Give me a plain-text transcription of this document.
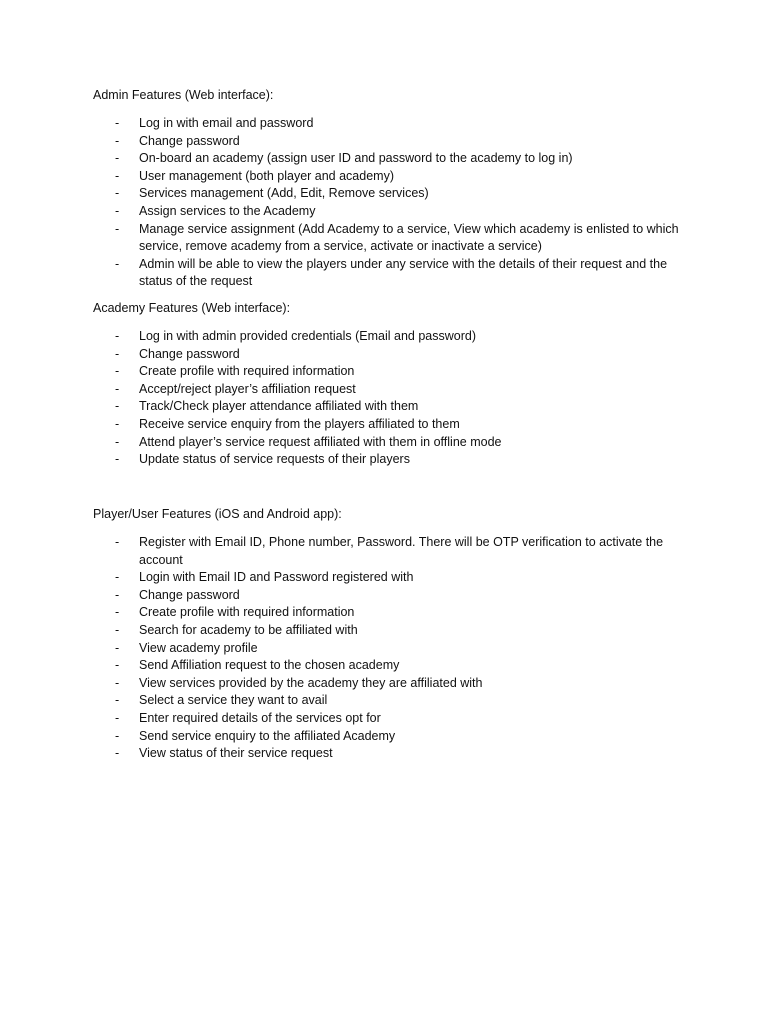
Admin Features (Web interface):
- Log in with email and password
- Change password
- On-board an academy (assign user ID and password to the academy to log in)
- User management (both player and academy)
- Services management (Add, Edit, Remove services)
- Assign services to the Academy
- Manage service assignment (Add Academy to a service, View which academy is enlisted to which service, remove academy from a service, activate or inactivate a service)
- Admin will be able to view the players under any service with the details of their request and the status of the request
Academy Features (Web interface):
- Log in with admin provided credentials (Email and password)
- Change password
- Create profile with required information
- Accept/reject player’s affiliation request
- Track/Check player attendance affiliated with them
- Receive service enquiry from the players affiliated to them
- Attend player’s service request affiliated with them in offline mode
- Update status of service requests of their players
Player/User Features (iOS and Android app):
- Register with Email ID, Phone number, Password. There will be OTP verification to activate the account
- Login with Email ID and Password registered with
- Change password
- Create profile with required information
- Search for academy to be affiliated with
- View academy profile
- Send Affiliation request to the chosen academy
- View services provided by the academy they are affiliated with
- Select a service they want to avail
- Enter required details of the services opt for
- Send service enquiry to the affiliated Academy
- View status of their service request
